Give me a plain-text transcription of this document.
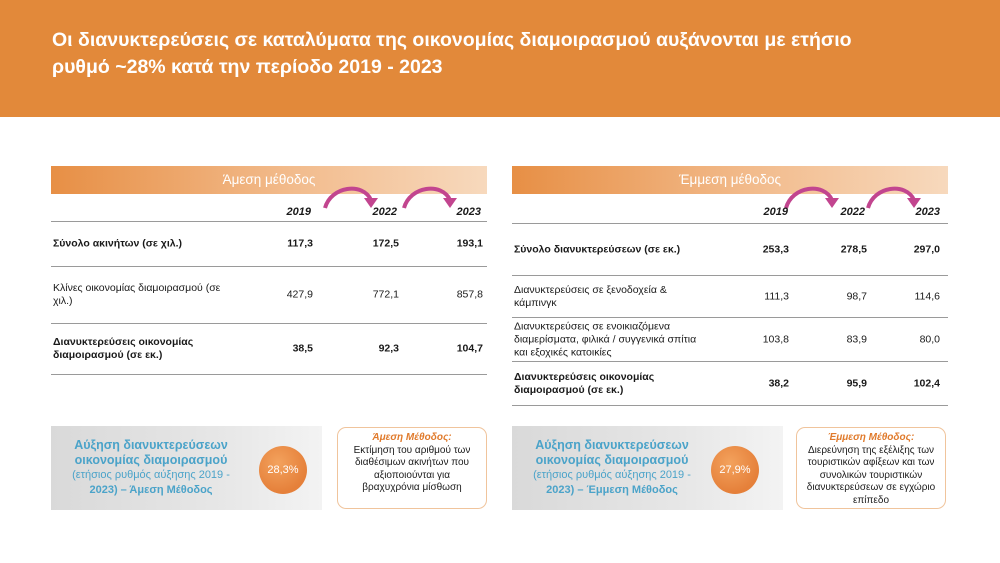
Οι διανυκτερεύσεις σε καταλύματα της οικονομίας διαμοιρασμού αυξάνονται με ετήσιο
ρυθμό ~28% κατά την περίοδο 2019 - 2023
Άμεση μέθοδος
2019	2022	2023
Σύνολο ακινήτων (σε χιλ.)	117,3	172,5	193,1
Κλίνες οικονομίας διαμοιρασμού (σε
χιλ.)
427,9	772,1	857,8
Διανυκτερεύσεις οικονομίας
διαμοιρασμού (σε εκ.)
38,5	92,3	104,7
Έμμεση μέθοδος
2019	2022	2023
Σύνολο διανυκτερεύσεων (σε εκ.)	253,3	278,5	297,0
Διανυκτερεύσεις σε ξενοδοχεία &
κάμπινγκ
111,3	98,7	114,6
Διανυκτερεύσεις σε ενοικιαζόμενα
διαμερίσματα, φιλικά / συγγενικά σπίτια
και εξοχικές κατοικίες
103,8	83,9	80,0
Διανυκτερεύσεις οικονομίας
διαμοιρασμού (σε εκ.)
38,2	95,9	102,4
Αύξηση διανυκτερεύσεων
οικονομίας διαμοιρασμού
(ετήσιος ρυθμός αύξησης 2019 -
2023) – Άμεση Μέθοδος
28,3%
Άμεση Μέθοδος:
Εκτίμηση του αριθμού των
διαθέσιμων ακινήτων που
αξιοποιούνται για
βραχυχρόνια μίσθωση
Αύξηση διανυκτερεύσεων
οικονομίας διαμοιρασμού
(ετήσιος ρυθμός αύξησης 2019 -
2023) – Έμμεση Μέθοδος
27,9%
Έμμεση Μέθοδος:
Διερεύνηση της εξέλιξης των
τουριστικών αφίξεων και των
συνολικών τουριστικών
διανυκτερεύσεων σε εγχώριο
επίπεδο
